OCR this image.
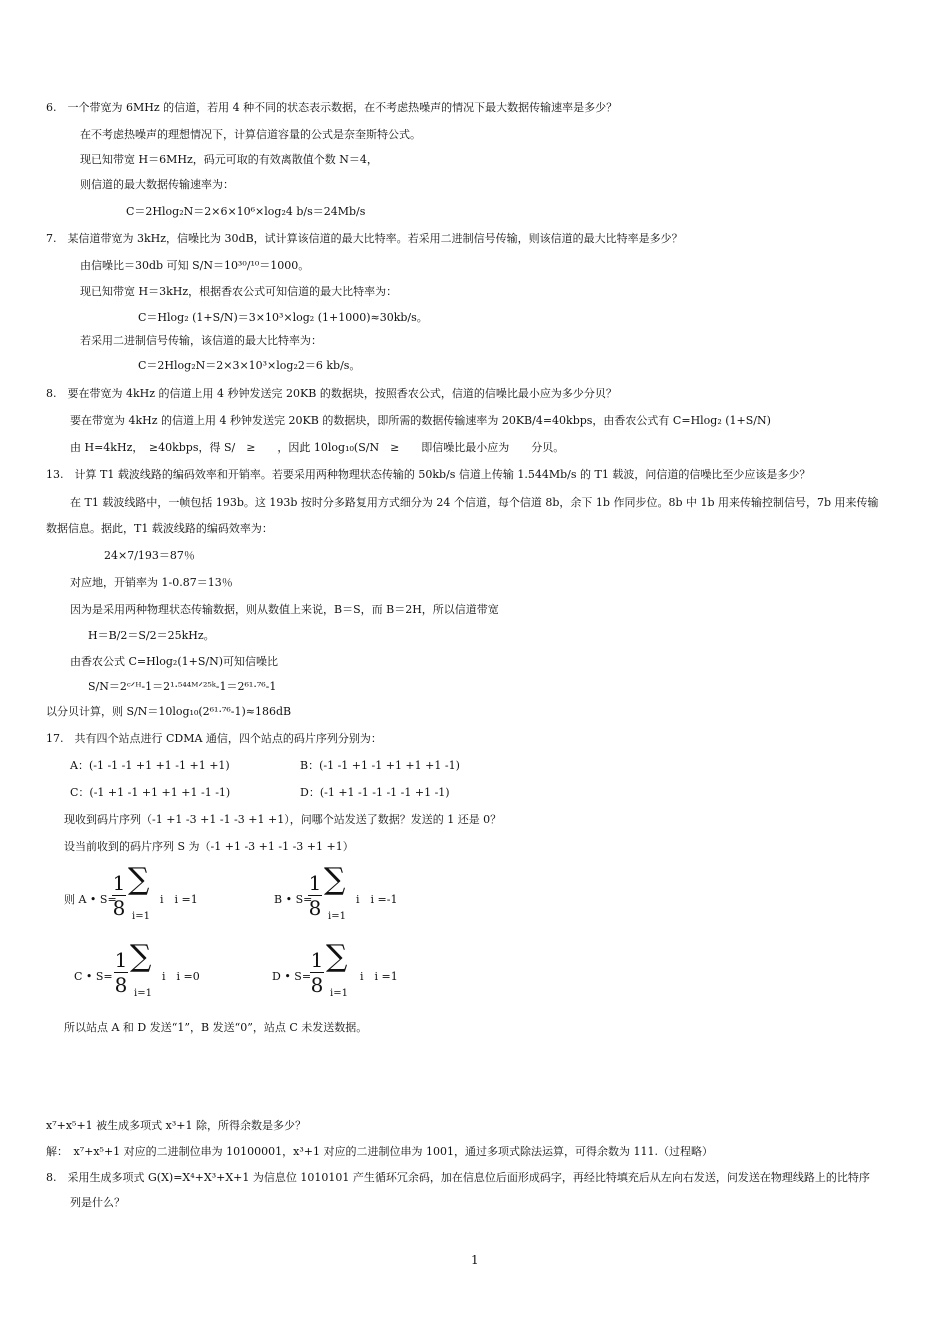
6.　一个带宽为 6MHz 的信道，若用 4 种不同的状态表示数据，在不考虑热噪声的情况下最大数据传输速率是多少？
在不考虑热噪声的理想情况下，计算信道容量的公式是奈奎斯特公式。
现已知带宽 H＝6MHz，码元可取的有效离散值个数 N＝4，
则信道的最大数据传输速率为：
C＝2Hlog₂N＝2×6×10⁶×log₂4 b/s＝24Mb/s
7.　某信道带宽为 3kHz，信噪比为 30dB，试计算该信道的最大比特率。若采用二进制信号传输，则该信道的最大比特率是多少？
由信噪比＝30db 可知 S/N＝10³⁰/¹⁰＝1000。
现已知带宽 H＝3kHz，根据香农公式可知信道的最大比特率为：
C＝Hlog₂ (1+S/N)＝3×10³×log₂ (1+1000)≈30kb/s。
若采用二进制信号传输，该信道的最大比特率为：
C＝2Hlog₂N＝2×3×10³×log₂2＝6 kb/s。
8.　要在带宽为 4kHz 的信道上用 4 秒钟发送完 20KB 的数据块，按照香农公式，信道的信噪比最小应为多少分贝？
要在带宽为 4kHz 的信道上用 4 秒钟发送完 20KB 的数据块，即所需的数据传输速率为 20KB/4=40kbps，由香农公式有 C=Hlog₂ (1+S/N)
由 H=4kHz，　≥40kbps，得 S/　≥　　，因此 10log₁₀(S/N　≥　　即信噪比最小应为　　分贝。
13.　计算 T1 载波线路的编码效率和开销率。若要采用两种物理状态传输的 50kb/s 信道上传输 1.544Mb/s 的 T1 载波，问信道的信噪比至少应该是多少？
在 T1 载波线路中，一帧包括 193b。这 193b 按时分多路复用方式细分为 24 个信道，每个信道 8b，余下 1b 作同步位。8b 中 1b 用来传输控制信号，7b 用来传输
数据信息。据此，T1 载波线路的编码效率为：
24×7/193＝87％
对应地，开销率为 1-0.87＝13％
因为是采用两种物理状态传输数据，则从数值上来说，B＝S，而 B＝2H，所以信道带宽
H＝B/2＝S/2＝25kHz。
由香农公式 C=Hlog₂(1+S/N)可知信噪比
S/N＝2ᶜᐟᴴ-1＝2¹·⁵⁴⁴ᴹᐟ²⁵ᵏ-1＝2⁶¹·⁷⁶-1
以分贝计算，则 S/N＝10log₁₀(2⁶¹·⁷⁶-1)≈186dB
17.　共有四个站点进行 CDMA 通信，四个站点的码片序列分别为：
A：(-1 -1 -1 +1 +1 -1 +1 +1)	B：(-1 -1 +1 -1 +1 +1 +1 -1)
C：(-1 +1 -1 +1 +1 +1 -1 -1)	D：(-1 +1 -1 -1 -1 -1 +1 -1)
现收到码片序列（-1 +1 -3 +1 -1 -3 +1 +1），问哪个站发送了数据？发送的 1 还是 0？
设当前收到的码片序列 S 为（-1 +1 -3 +1 -1 -3 +1 +1）
则 A • S=
1
8
∑
i=1
i　i =1	B • S=
1
8
∑
i=1
i　i =-1
C • S=
1
8
∑
i=1
i　i =0	D • S=
1
8
∑
i=1
i　i =1
所以站点 A 和 D 发送“1”，B 发送“0”，站点 C 未发送数据。
x⁷+x⁵+1 被生成多项式 x³+1 除，所得余数是多少？
解：　x⁷+x⁵+1 对应的二进制位串为 10100001，x³+1 对应的二进制位串为 1001，通过多项式除法运算，可得余数为 111.（过程略）
8.　采用生成多项式 G(X)=X⁴+X³+X+1 为信息位 1010101 产生循环冗余码，加在信息位后面形成码字，再经比特填充后从左向右发送，问发送在物理线路上的比特序
列是什么？
1
